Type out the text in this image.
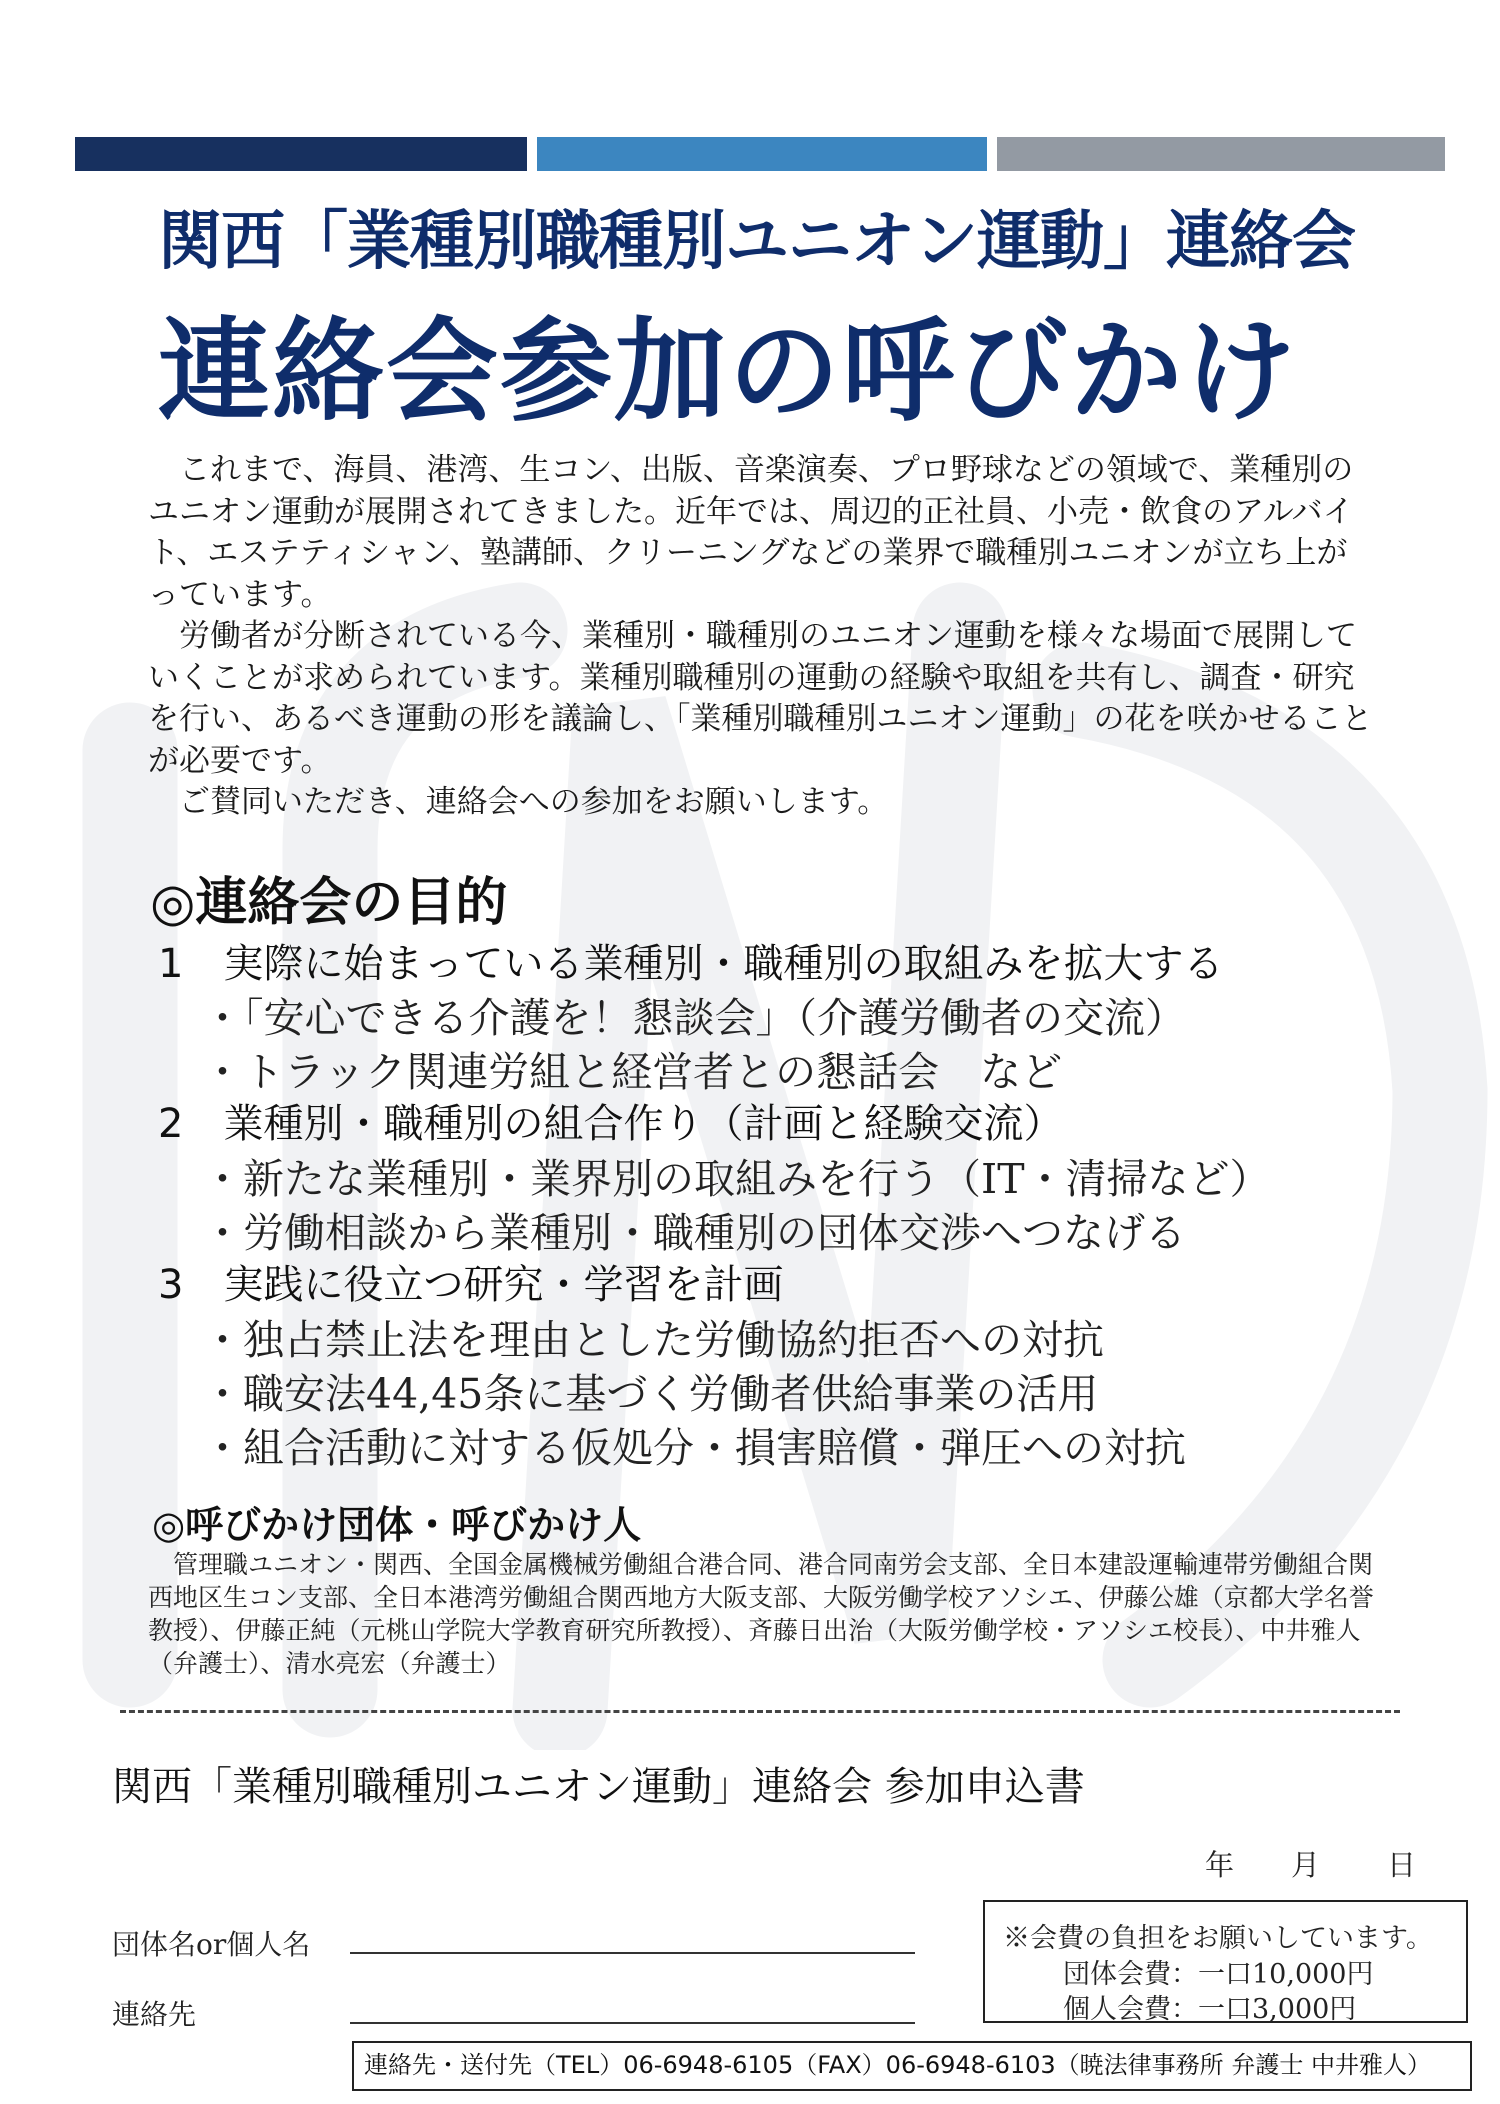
関西「業種別職種別ユニオン運動」連絡会
連絡会参加の呼びかけ

これまで、海員、港湾、生コン、出版、音楽演奏、プロ野球などの領域で、業種別のユニオン運動が展開されてきました。近年では、周辺的正社員、小売・飲食のアルバイト、エステティシャン、塾講師、クリーニングなどの業界で職種別ユニオンが立ち上がっています。

労働者が分断されている今、業種別・職種別のユニオン運動を様々な場面で展開していくことが求められています。業種別職種別の運動の経験や取組を共有し、調査・研究を行い、あるべき運動の形を議論し、「業種別職種別ユニオン運動」の花を咲かせることが必要です。

ご賛同いただき、連絡会への参加をお願いします。

◎連絡会の目的
1　実際に始まっている業種別・職種別の取組みを拡大する
・「安心できる介護を！懇談会」（介護労働者の交流）
・トラック関連労組と経営者との懇話会　など
2　業種別・職種別の組合作り（計画と経験交流）
・新たな業種別・業界別の取組みを行う（IT・清掃など）
・労働相談から業種別・職種別の団体交渉へつなげる
3　実践に役立つ研究・学習を計画
・独占禁止法を理由とした労働協約拒否への対抗
・職安法44,45条に基づく労働者供給事業の活用
・組合活動に対する仮処分・損害賠償・弾圧への対抗
◎呼びかけ団体・呼びかけ人
管理職ユニオン・関西、全国金属機械労働組合港合同、港合同南労会支部、全日本建設運輸連帯労働組合関西地区生コン支部、全日本港湾労働組合関西地方大阪支部、大阪労働学校アソシエ、伊藤公雄（京都大学名誉教授）、伊藤正純（元桃山学院大学教育研究所教授）、斉藤日出治（大阪労働学校・アソシエ校長）、中井雅人（弁護士）、清水亮宏（弁護士）
関西「業種別職種別ユニオン運動」連絡会 参加申込書
年 月 日
団体名or個人名
連絡先
※会費の負担をお願いしています。
団体会費：一口10,000円
個人会費：一口3,000円
連絡先・送付先（TEL）06-6948-6105（FAX）06-6948-6103（暁法律事務所 弁護士 中井雅人）
